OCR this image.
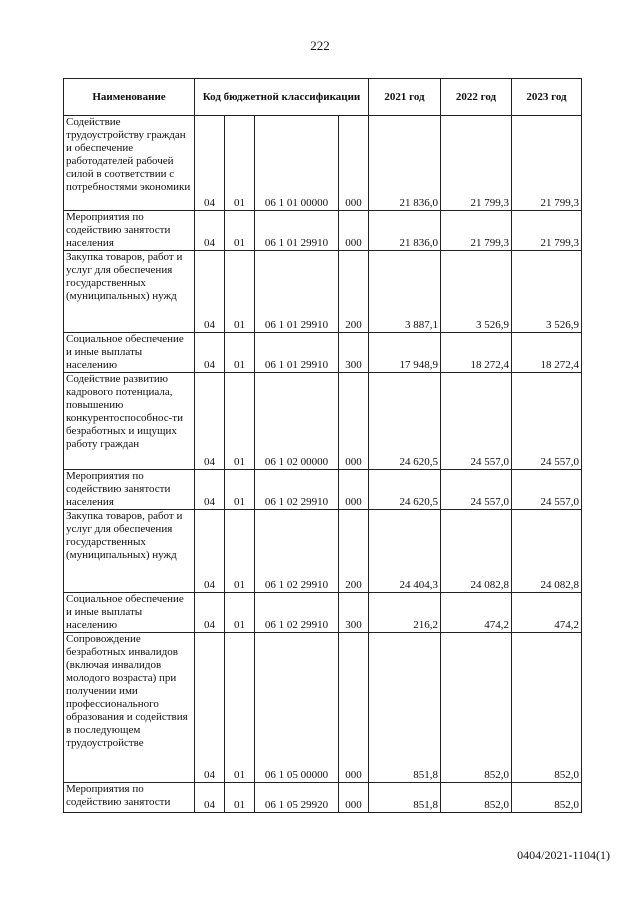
222
Наименование	Код бюджетной классификации				2021 год	2022 год	2023 год
Содействие трудоустройству граждан и обеспечение работодателей рабочей силой в соответствии с потребностями экономики	04	01	06 1 01 00000	000	21 836,0	21 799,3	21 799,3
Мероприятия по содействию занятости населения	04	01	06 1 01 29910	000	21 836,0	21 799,3	21 799,3
Закупка товаров, работ и услуг для обеспечения государственных (муниципальных) нужд	04	01	06 1 01 29910	200	3 887,1	3 526,9	3 526,9
Социальное обеспечение и иные выплаты населению	04	01	06 1 01 29910	300	17 948,9	18 272,4	18 272,4
Содействие развитию кадрового потенциала, повышению конкурентоспособнос-ти безработных и ищущих работу граждан	04	01	06 1 02 00000	000	24 620,5	24 557,0	24 557,0
Мероприятия по содействию занятости населения	04	01	06 1 02 29910	000	24 620,5	24 557,0	24 557,0
Закупка товаров, работ и услуг для обеспечения государственных (муниципальных) нужд	04	01	06 1 02 29910	200	24 404,3	24 082,8	24 082,8
Социальное обеспечение и иные выплаты населению	04	01	06 1 02 29910	300	216,2	474,2	474,2
Сопровождение безработных инвалидов (включая инвалидов молодого возраста) при получении ими профессионального образования и содействия в последующем трудоустройстве	04	01	06 1 05 00000	000	851,8	852,0	852,0
Мероприятия по содействию занятости	04	01	06 1 05 29920	000	851,8	852,0	852,0
0404/2021-1104(1)
